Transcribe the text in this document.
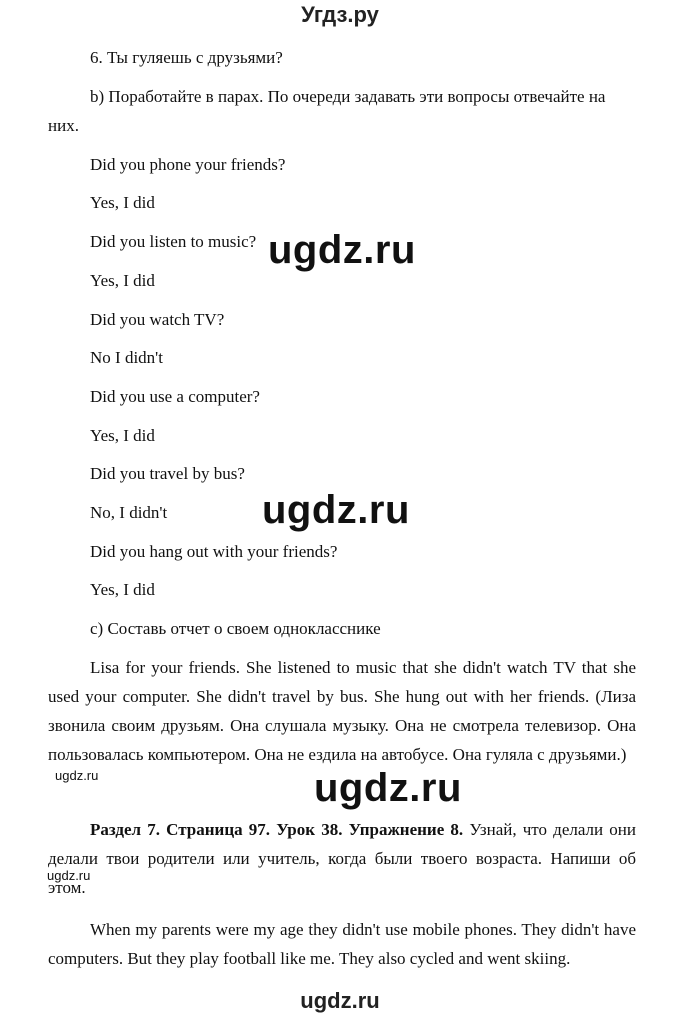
Угдз.ру
6. Ты гуляешь с друзьями?
b) Поработайте в парах. По очереди задавать эти вопросы отвечайте на
них.
Did you phone your friends?
Yes, I did
Did you listen to music?
Yes, I did
Did you watch TV?
No I didn't
Did you use a computer?
Yes, I did
Did you travel by bus?
No, I didn't
Did you hang out with your friends?
Yes, I did
c) Составь отчет о своем однокласснике
Lisa for your friends. She listened to music that she didn't watch TV that she used your computer. She didn't travel by bus. She hung out with her friends. (Лиза звонила своим друзьям. Она слушала музыку. Она не смотрела телевизор. Она пользовалась компьютером. Она не ездила на автобусе. Она гуляла с друзьями.)
Раздел 7. Страница 97. Урок 38. Упражнение 8. Узнай, что делали они делали твои родители или учитель, когда были твоего возраста. Напиши об этом.
When my parents were my age they didn't use mobile phones. They didn't have computers. But they play football like me. They also cycled and went skiing.
ugdz.ru
ugdz.ru
ugdz.ru
ugdz.ru
ugdz.ru
ugdz.ru
